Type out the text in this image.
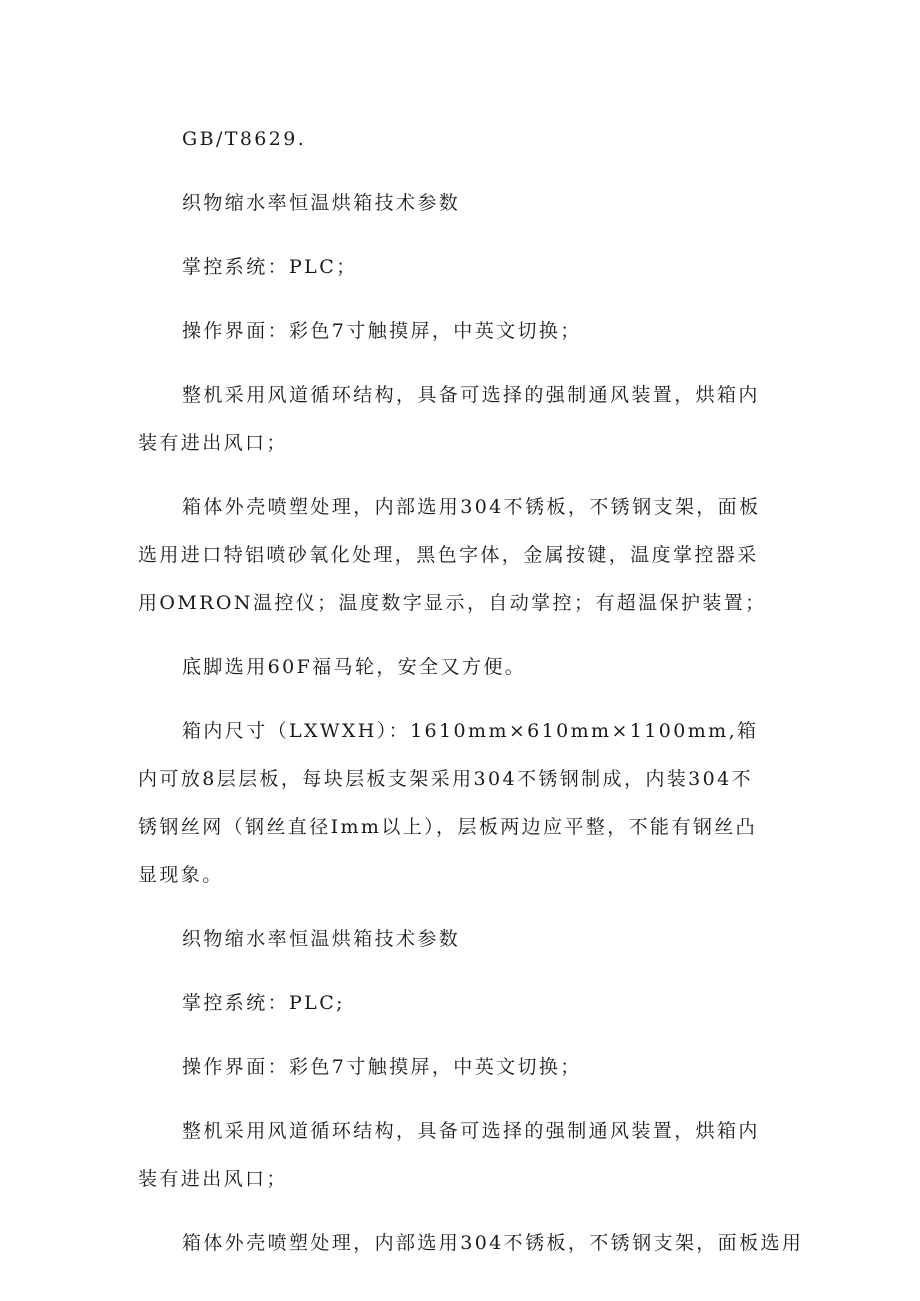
GB/T8629.

织物缩水率恒温烘箱技术参数

掌控系统：PLC；

操作界面：彩色7寸触摸屏，中英文切换；

整机采用风道循环结构，具备可选择的强制通风装置，烘箱内装有进出风口；

箱体外壳喷塑处理，内部选用304不锈板，不锈钢支架，面板选用进口特铝喷砂氧化处理，黑色字体，金属按键，温度掌控器采用OMRON温控仪；温度数字显示，自动掌控；有超温保护装置；

底脚选用60F福马轮，安全又方便。

箱内尺寸（LXWXH）：1610mm×610mm×1100mm,箱内可放8层层板，每块层板支架采用304不锈钢制成，内装304不锈钢丝网（钢丝直径Imm以上），层板两边应平整，不能有钢丝凸显现象。

织物缩水率恒温烘箱技术参数

掌控系统：PLC;

操作界面：彩色7寸触摸屏，中英文切换；

整机采用风道循环结构，具备可选择的强制通风装置，烘箱内装有进出风口；

箱体外壳喷塑处理，内部选用304不锈板，不锈钢支架，面板选用
